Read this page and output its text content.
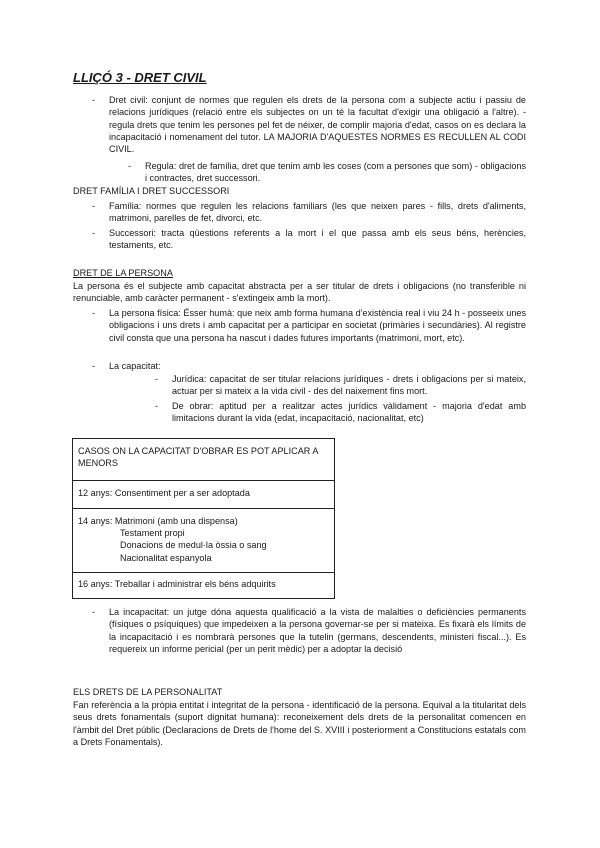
LLIÇÓ 3 - DRET CIVIL
- Dret civil: conjunt de normes que regulen els drets de la persona com a subjecte actiu i passiu de relacions jurídiques (relació entre els subjectes on un té la facultat d'exigir una obligació a l'altre). - regula drets que tenim les persones pel fet de néixer, de complir majoria d'edat, casos on es declara la incapacitació i nomenament del tutor. LA MAJORIA D'AQUESTES NORMES ES RECULLEN AL CODI CIVIL.

- Regula: dret de família, dret que tenim amb les coses (com a persones que som) - obligacions i contractes, dret successori.

DRET FAMÍLIA I DRET SUCCESSORI
- Família: normes que regulen les relacions familiars (les que neixen pares - fills, drets d'aliments, matrimoni, parelles de fet, divorci, etc.

- Successori: tracta qüestions referents a la mort i el que passa amb els seus béns, herències, testaments, etc.

DRET DE LA PERSONA

La persona és el subjecte amb capacitat abstracta per a ser titular de drets i obligacions (no transferible ni renunciable, amb caràcter permanent - s'extingeix amb la mort).

- La persona física: Ésser humà: que neix amb forma humana d'existència real i viu 24 h - posseeix unes obligacions i uns drets i amb capacitat per a participar en societat (primàries i secundàries). Al registre civil consta que una persona ha nascut i dades futures importants (matrimoni, mort, etc).

- La capacitat:

- Jurídica: capacitat de ser titular relacions jurídiques - drets i obligacions per si mateix, actuar per si mateix a la vida civil - des del naixement fins mort.

- De obrar: aptitud per a realitzar actes jurídics vàlidament - majoria d'edat amb limitacions durant la vida (edat, incapacitació, nacionalitat, etc)

CASOS ON LA CAPACITAT D'OBRAR ES POT APLICAR A MENORS
12 anys: Consentiment per a ser adoptada

14 anys: Matrimoni (amb una dispensa)
Testament propi
Donacions de medul·la òssia o sang
Nacionalitat espanyola

16 anys: Treballar i administrar els béns adquirits
- La incapacitat: un jutge dóna aquesta qualificació a la vista de malalties o deficiències permanents (físiques o psíquiques) que impedeixen a la persona governar-se per si mateixa. Es fixarà els límits de la incapacitació i es nombrarà persones que la tutelin (germans, descendents, ministeri fiscal...). Es requereix un informe pericial (per un perit mèdic) per a adoptar la decisió

ELS DRETS DE LA PERSONALITAT

Fan referència a la pròpia entitat i integritat de la persona - identificació de la persona. Equival a la titularitat dels seus drets fonamentals (suport dignitat humana): reconeixement dels drets de la personalitat comencen en l'àmbit del Dret públic (Declaracions de Drets de l'home del S. XVIII i posteriorment a Constitucions estatals com a Drets Fonamentals).
